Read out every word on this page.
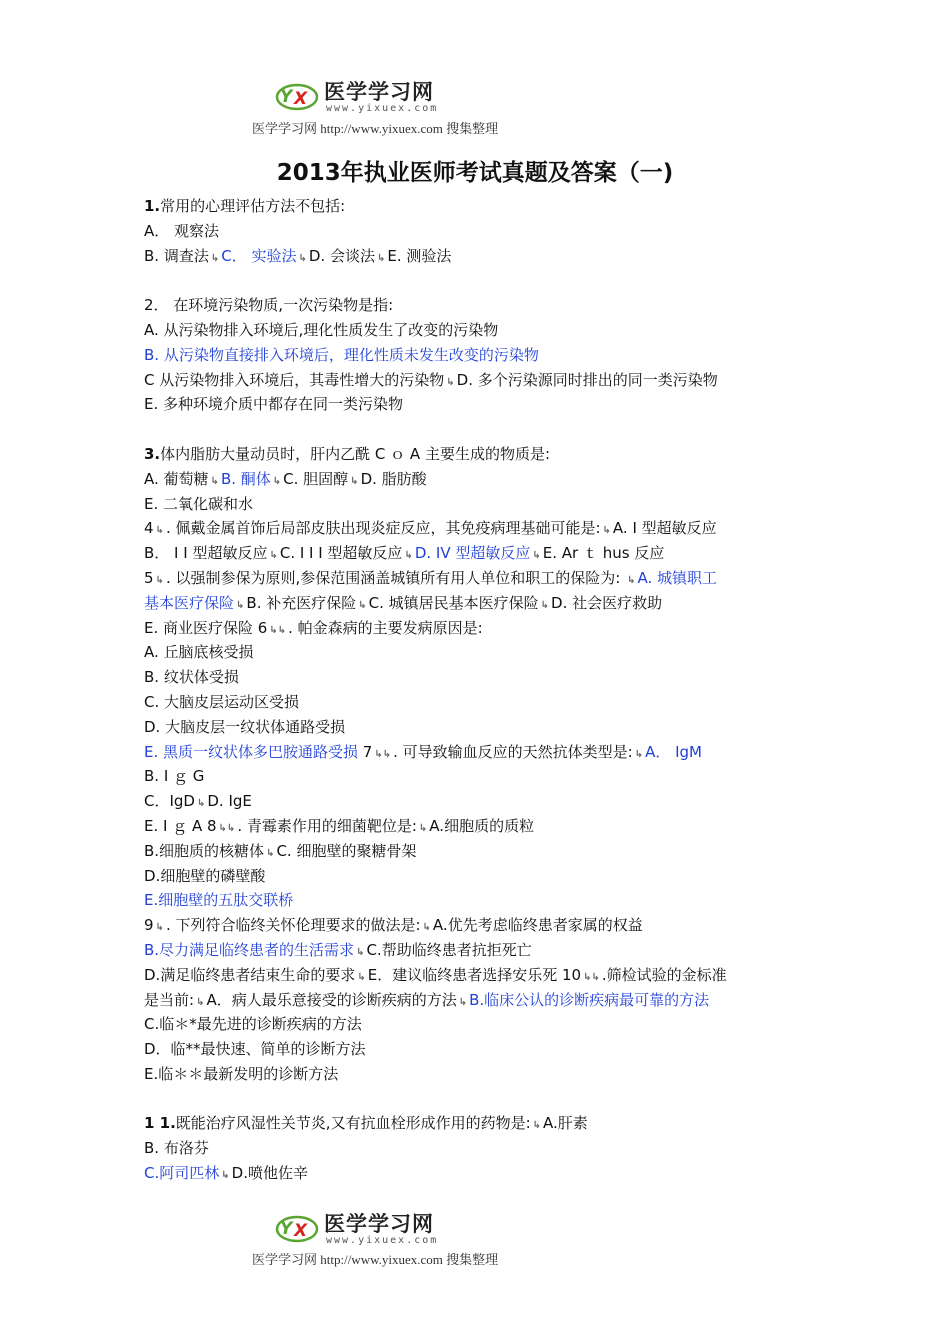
Y X 医学学习网
www.yixuex.com
医学学习网 http://www.yixuex.com 搜集整理
2013年执业医师考试真题及答案（一)
1.常用的心理评估方法不包括:
A． 观察法
B. 调查法 ↳ C． 实验法 ↳ D. 会谈法 ↳ E. 测验法
2． 在环境污染物质,一次污染物是指:
A. 从污染物排入环境后,理化性质发生了改变的污染物
B. 从污染物直接排入环境后，理化性质未发生改变的污染物
C 从污染物排入环境后，其毒性增大的污染物 ↳ D. 多个污染源同时排出的同一类污染物
E. 多种环境介质中都存在同一类污染物
3.体内脂肪大量动员时，肝内乙酰 C ｏ A 主要生成的物质是:
A. 葡萄糖 ↳ B. 酮体 ↳ C. 胆固醇 ↳ D. 脂肪酸
E. 二氧化碳和水
4 ↳ . 佩戴金属首饰后局部皮肤出现炎症反应，其免疫病理基础可能是: ↳ A. I 型超敏反应
B． I I 型超敏反应 ↳ C. I I I 型超敏反应 ↳ D. IV 型超敏反应 ↳ E. Ar ｔ hus 反应
5 ↳ . 以强制参保为原则,参保范围涵盖城镇所有用人单位和职工的保险为: ↳ A. 城镇职工
基本医疗保险 ↳ B. 补充医疗保险 ↳ C. 城镇居民基本医疗保险 ↳ D. 社会医疗救助
E. 商业医疗保险 6 ↳↳ . 帕金森病的主要发病原因是:
A. 丘脑底核受损
B. 纹状体受损
C. 大脑皮层运动区受损
D. 大脑皮层一纹状体通路受损
E. 黑质一纹状体多巴胺通路受损 7 ↳↳ . 可导致输血反应的天然抗体类型是: ↳ A． IgM
B. I ｇ G
C．IgD ↳ D. IgE
E. I ｇ A 8 ↳↳ . 青霉素作用的细菌靶位是: ↳ A.细胞质的质粒
B.细胞质的核糖体 ↳ C. 细胞壁的聚糖骨架
D.细胞壁的磷壁酸
E.细胞壁的五肽交联桥
9 ↳ . 下列符合临终关怀伦理要求的做法是: ↳ A.优先考虑临终患者家属的权益
B.尽力满足临终患者的生活需求 ↳ C.帮助临终患者抗拒死亡
D.满足临终患者结束生命的要求 ↳ E．建议临终患者选择安乐死 10 ↳↳ .筛检试验的金标准
是当前: ↳ A．病人最乐意接受的诊断疾病的方法 ↳ B.临床公认的诊断疾病最可靠的方法
C.临＊*最先进的诊断疾病的方法
D．临**最快速、简单的诊断方法
E.临＊＊最新发明的诊断方法
1 1.既能治疗风湿性关节炎,又有抗血栓形成作用的药物是: ↳ A.肝素
B. 布洛芬
C.阿司匹林 ↳ D.喷他佐辛
Y X 医学学习网
www.yixuex.com
医学学习网 http://www.yixuex.com 搜集整理
